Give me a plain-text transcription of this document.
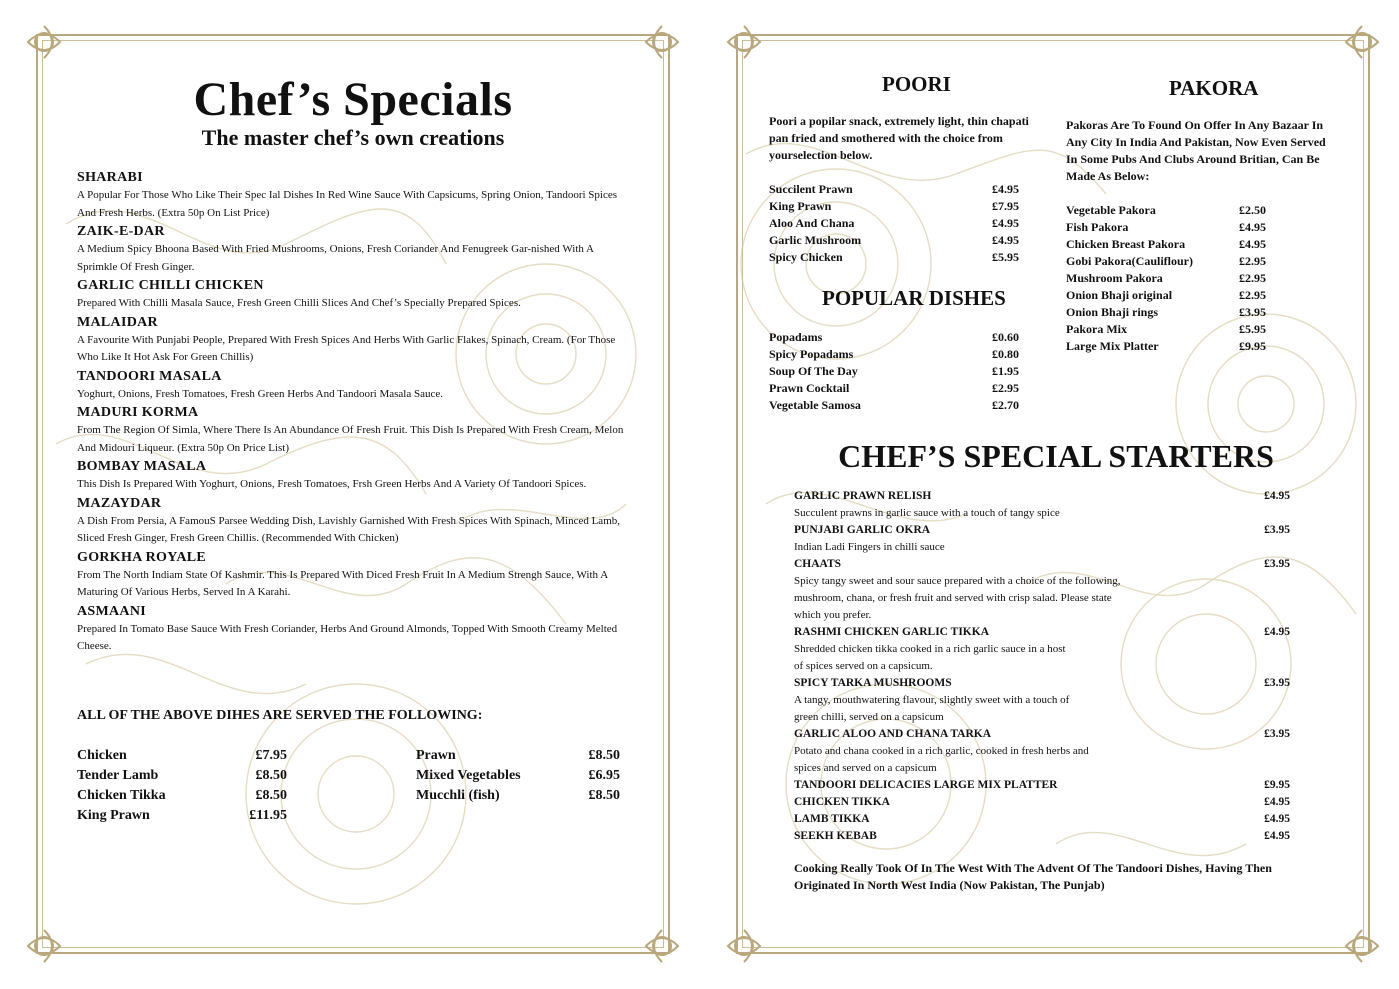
Chef’s Specials
The master chef’s own creations
SHARABI

A Popular For Those Who Like Their Spec Ial Dishes In Red Wine Sauce With Capsicums, Spring Onion, Tandoori Spices And Fresh Herbs. (Extra 50p On List Price)

ZAIK-E-DAR

A Medium Spicy Bhoona Based With Fried Mushrooms, Onions, Fresh Coriander And Fenugreek Gar-nished With A Sprimkle Of Fresh Ginger.

GARLIC CHILLI CHICKEN

Prepared With Chilli Masala Sauce, Fresh Green Chilli Slices And Chef’s Specially Prepared Spices.

MALAIDAR

A Favourite With Punjabi People, Prepared With Fresh Spices And Herbs With Garlic Flakes, Spinach, Cream. (For Those Who Like It Hot Ask For Green Chillis)

TANDOORI MASALA

Yoghurt, Onions, Fresh Tomatoes, Fresh Green Herbs And Tandoori Masala Sauce.

MADURI KORMA

From The Region Of Simla, Where There Is An Abundance Of Fresh Fruit. This Dish Is Prepared With Fresh Cream, Melon And Midouri Liqueur. (Extra 50p On Price List)

BOMBAY MASALA

This Dish Is Prepared With Yoghurt, Onions, Fresh Tomatoes, Frsh Green Herbs And A Variety Of Tandoori Spices.

MAZAYDAR

A Dish From Persia, A FamouS Parsee Wedding Dish, Lavishly Garnished With Fresh Spices With Spinach, Minced Lamb, Sliced Fresh Ginger, Fresh Green Chillis. (Recommended With Chicken)

GORKHA ROYALE

From The North Indiam State Of Kashmir. This Is Prepared With Diced Fresh Fruit In A Medium Strengh Sauce, With A Maturing Of Various Herbs, Served In A Karahi.

ASMAANI

Prepared In Tomato Base Sauce With Fresh Coriander, Herbs And Ground Almonds, Topped With Smooth Creamy Melted Cheese.

ALL OF THE ABOVE DIHES ARE SERVED THE FOLLOWING:
Chicken	£7.95
Tender Lamb	£8.50
Chicken Tikka	£8.50
King Prawn	£11.95
Prawn	£8.50
Mixed Vegetables	£6.95
Mucchli (fish)	£8.50
POORI
Poori a popilar snack, extremely light, thin chapati pan fried and smothered with the choice from yourselection below.
Succilent Prawn	£4.95
King Prawn	£7.95
Aloo And Chana	£4.95
Garlic Mushroom	£4.95
Spicy Chicken	£5.95
POPULAR DISHES
Popadams	£0.60
Spicy Popadams	£0.80
Soup Of The Day	£1.95
Prawn Cocktail	£2.95
Vegetable Samosa	£2.70
PAKORA
Pakoras Are To Found On Offer In Any Bazaar In Any City In India And Pakistan, Now Even Served In Some Pubs And Clubs Around Britian, Can Be Made As Below:
Vegetable Pakora	£2.50
Fish Pakora	£4.95
Chicken Breast Pakora	£4.95
Gobi Pakora(Cauliflour)	£2.95
Mushroom Pakora	£2.95
Onion Bhaji original	£2.95
Onion Bhaji rings	£3.95
Pakora Mix	£5.95
Large Mix Platter	£9.95
CHEF’S SPECIAL STARTERS
GARLIC PRAWN RELISH	£4.95
Succulent prawns in garlic sauce with a touch of tangy spice
PUNJABI GARLIC OKRA	£3.95
Indian Ladi Fingers in chilli sauce
CHAATS	£3.95
Spicy tangy sweet and sour sauce prepared with a choice of the following,
mushroom, chana, or fresh fruit and served with crisp salad. Please state
which you prefer.
RASHMI CHICKEN GARLIC TIKKA	£4.95
Shredded chicken tikka cooked in a rich garlic sauce in a host
of spices served on a capsicum.
SPICY TARKA MUSHROOMS	£3.95
A tangy, mouthwatering flavour, slightly sweet with a touch of
green chilli, served on a capsicum
GARLIC ALOO AND CHANA TARKA	£3.95
Potato and chana cooked in a rich garlic, cooked in fresh herbs and
spices and served on a capsicum
TANDOORI DELICACIES LARGE MIX PLATTER	£9.95
CHICKEN TIKKA	£4.95
LAMB TIKKA	£4.95
SEEKH KEBAB	£4.95
Cooking Really Took Of In The West With The Advent Of The Tandoori Dishes, Having Then Originated In North West India (Now Pakistan, The Punjab)
